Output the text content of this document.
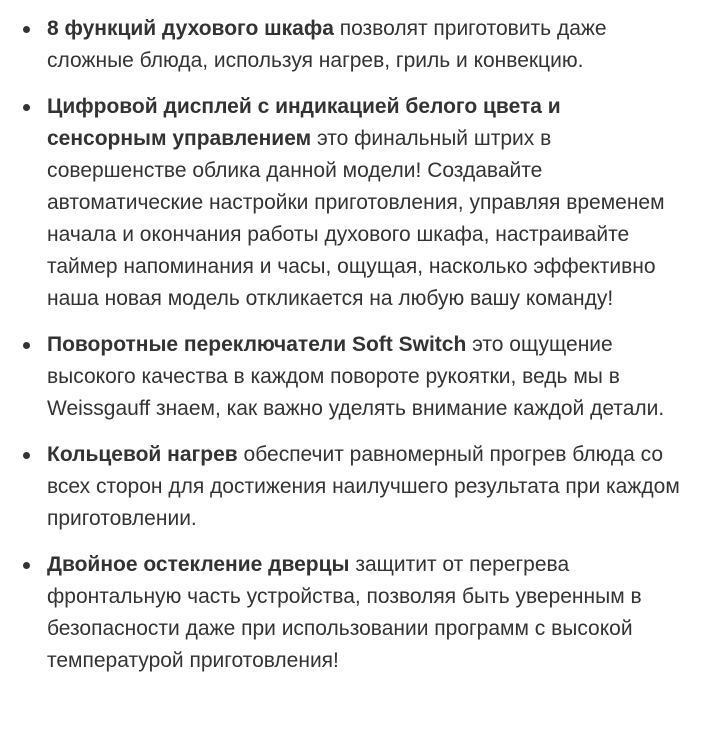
8 функций духового шкафа позволят приготовить даже сложные блюда, используя нагрев, гриль и конвекцию.
Цифровой дисплей с индикацией белого цвета и сенсорным управлением это финальный штрих в совершенстве облика данной модели! Создавайте автоматические настройки приготовления, управляя временем начала и окончания работы духового шкафа, настраивайте таймер напоминания и часы, ощущая, насколько эффективно наша новая модель откликается на любую вашу команду!
Поворотные переключатели Soft Switch это ощущение высокого качества в каждом повороте рукоятки, ведь мы в Weissgauff знаем, как важно уделять внимание каждой детали.
Кольцевой нагрев обеспечит равномерный прогрев блюда со всех сторон для достижения наилучшего результата при каждом приготовлении.
Двойное остекление дверцы защитит от перегрева фронтальную часть устройства, позволяя быть уверенным в безопасности даже при использовании программ с высокой температурой приготовления!
